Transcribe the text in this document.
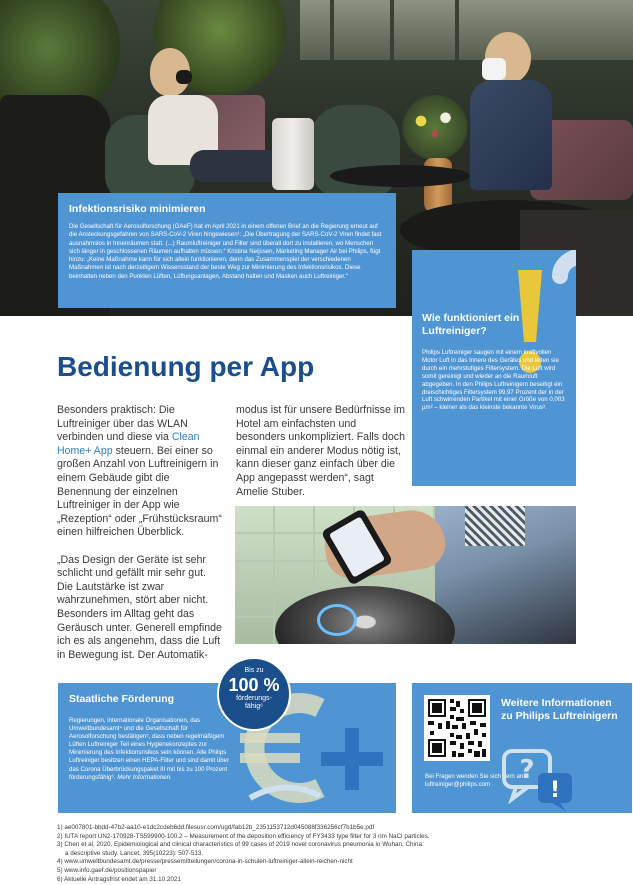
Infektionsrisiko minimieren

Die Gesellschaft für Aerosolforschung (GAeF) hat im April 2021 in einem offenen Brief an die Regierung erneut auf die Ansteckungsgefahren von SARS-CoV-2 Viren hingewiesen¹: „Die Übertragung der SARS-CoV-2 Viren findet fast ausnahmslos in Innenräumen statt. (...) Raumluftreiniger und Filter sind überall dort zu installieren, wo Menschen sich länger in geschlossenen Räumen aufhalten müssen.“ Kristina Neijssen, Marketing Manager Air bei Philips, fügt hinzu: „Keine Maßnahme kann für sich allein funktionieren, denn das Zusammenspiel der verschiedenen Maßnahmen ist nach derzeitigem Wissensstand der beste Weg zur Minimierung des Infektionsrisikos. Diese beinhalten neben den Punkten Lüften, Lüftungsanlagen, Abstand halten und Masken auch Luftreiniger.“

Wie funktioniert ein Luftreiniger?

Philips Luftreiniger saugen mit einem kraftvollen Motor Luft in das Innere des Gerätes und leiten sie durch ein mehrstufiges Filtersystem. Die Luft wird somit gereinigt und wieder an die Raumluft abgegeben. In den Philips Luftreinigern beseitigt ein dreischichtiges Filtersystem 99,97 Prozent der in der Luft schwirrenden Partikel mit einer Größe von 0,003 µm² – kleiner als das kleinste bekannte Virus³.

Bedienung per App

Besonders praktisch: Die Luftreiniger über das WLAN verbinden und diese via Clean Home+ App steuern. Bei einer so großen Anzahl von Luftreinigern in einem Gebäude gibt die Benennung der einzelnen Luftreiniger in der App wie „Rezeption“ oder „Frühstücksraum“ einen hilfreichen Überblick.

„Das Design der Geräte ist sehr schlicht und gefällt mir sehr gut. Die Lautstärke ist zwar wahrzunehmen, stört aber nicht. Besonders im Alltag geht das Geräusch unter. Generell empfinde ich es als angenehm, dass die Luft in Bewegung ist. Der Automatik-

modus ist für unsere Bedürfnisse im Hotel am einfachsten und besonders unkompliziert. Falls doch einmal ein anderer Modus nötig ist, kann dieser ganz einfach über die App angepasst werden“, sagt Amelie Stuber.

Bis zu
100 %
förderungs-
fähig⁶
Staatliche Förderung

Regierungen, internationale Organisationen, das Umweltbundesamt⁴ und die Gesellschaft für Aerosolforschung bestätigen⁵, dass neben regelmäßigem Lüften Luftreiniger Teil eines Hygienekonzeptes zur Minimierung des Infektionsrisikos sein können. Alle Philips Luftreiniger besitzen einen HEPA-Filter und sind damit über das Corona Überbrückungspaket III mit bis zu 100 Prozent förderungsfähig⁶. Mehr Informationen.

Weitere Informationen zu Philips Luftreinigern

Bei Fragen wenden Sie sich gern an:
luftreiniger@philips.com	?
!
1) ae007801-bbdd-47b2-aa10-e1dc2cdeb6dd.filesusr.com/ugd/fab12b_2351153712d045088f336256cf7b1b5e.pdf
2) IUTA report UN2-170928-TS599900-100.2 – Measurement of the deposition efficiency of FY3433 type filter for 3 nm NaCl particles.
3) Chen et al, 2020. Epidemiological and clinical characteristics of 99 cases of 2019 novel coronavirus pneumonia in Wuhan, China:
a descriptive study. Lancet, 395(10223): 507-513.
4) www.umweltbundesamt.de/presse/pressemitteilungen/corona-in-schulen-luftreiniger-allein-reichen-nicht
5) www.info.gaef.de/positionspapier
6) Aktuelle Antragsfrist endet am 31.10.2021
